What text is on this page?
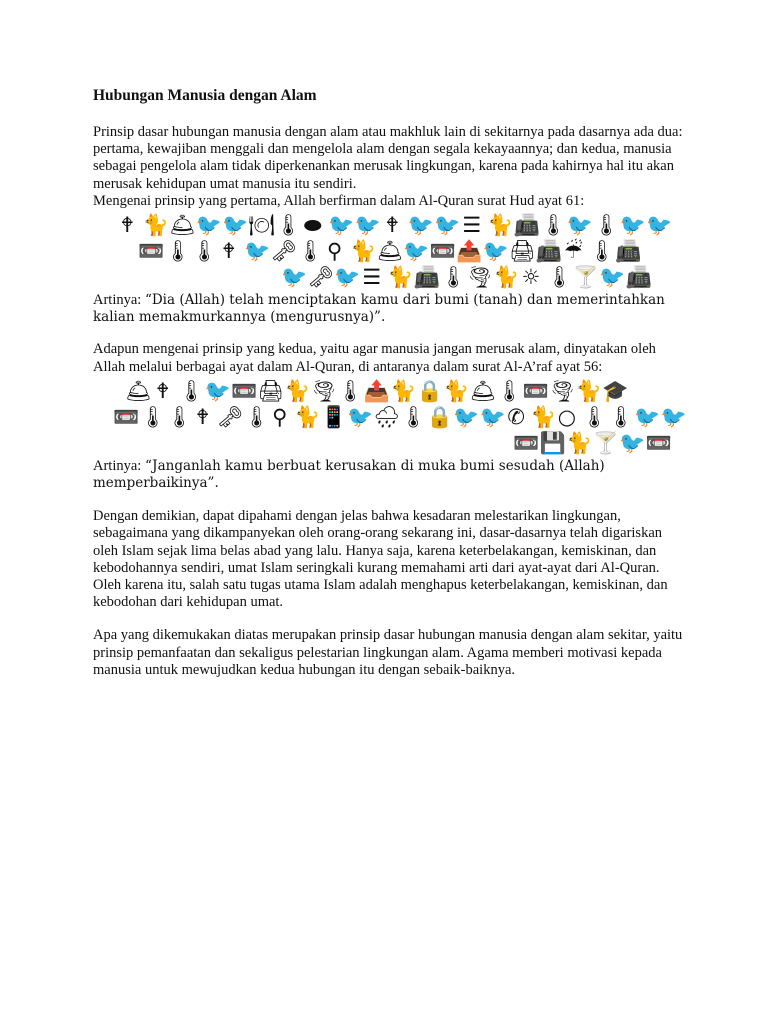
Hubungan Manusia dengan Alam

Prinsip dasar hubungan manusia dengan alam atau makhluk lain di sekitarnya pada dasarnya ada dua: pertama, kewajiban menggali dan mengelola alam dengan segala kekayaannya; dan kedua, manusia sebagai pengelola alam tidak diperkenankan merusak lingkungan, karena pada kahirnya hal itu akan merusak kehidupan umat manusia itu sendiri.

Mengenai prinsip yang pertama, Allah berfirman dalam Al-Quran surat Hud ayat 61:

🕈 🐈 🛎 🐦 🐦 🍽 🌡 ⬬ 🐦 🐦 🕈 🐦 🐦 ☰ 🐈 📠 🌡 🐦 🌡 🐦 🐦
📼 🌡 🌡 🕈 🐦 🗝 🌡 ⚲ 🐈 🛎 🐦 📼 📤 🐦 🖨 📠 ☔ 🌡 📠
🐦 🗝 🐦 ☰ 🐈 📠 🌡 🌪 🐈 ☼ 🌡 🍸 🐦 📠

Artinya: “Dia (Allah) telah menciptakan kamu dari bumi (tanah) dan memerintahkan kalian memakmurkannya (mengurusnya)”.

Adapun mengenai prinsip yang kedua, yaitu agar manusia jangan merusak alam, dinyatakan oleh Allah melalui berbagai ayat dalam Al-Quran, di antaranya dalam surat Al-A’raf ayat 56:

🛎 🕈 🌡 🐦 📼 🖨 🐈 🌪 🌡 📤 🐈 🔒 🐈 🛎 🌡 📼 🌪 🐈 🎓
📼 🌡 🌡 🕈 🗝 🌡 ⚲ 🐈 📱 🐦 🌧 🌡 🔒 🐦 🐦 ✆ 🐈 ○ 🌡 🌡 🐦 🐦
📼 💾 🐈 🍸 🐦 📼

Artinya: “Janganlah kamu berbuat kerusakan di muka bumi sesudah (Allah) memperbaikinya”.

Dengan demikian, dapat dipahami dengan jelas bahwa kesadaran melestarikan lingkungan, sebagaimana yang dikampanyekan oleh orang-orang sekarang ini, dasar-dasarnya telah digariskan oleh Islam sejak lima belas abad yang lalu. Hanya saja, karena keterbelakangan, kemiskinan, dan kebodohannya sendiri, umat Islam seringkali kurang memahami arti dari ayat-ayat dari Al-Quran. Oleh karena itu, salah satu tugas utama Islam adalah menghapus keterbelakangan, kemiskinan, dan kebodohan dari kehidupan umat.

Apa yang dikemukakan diatas merupakan prinsip dasar hubungan manusia dengan alam sekitar, yaitu prinsip pemanfaatan dan sekaligus pelestarian lingkungan alam. Agama memberi motivasi kepada manusia untuk mewujudkan kedua hubungan itu dengan sebaik-baiknya.
